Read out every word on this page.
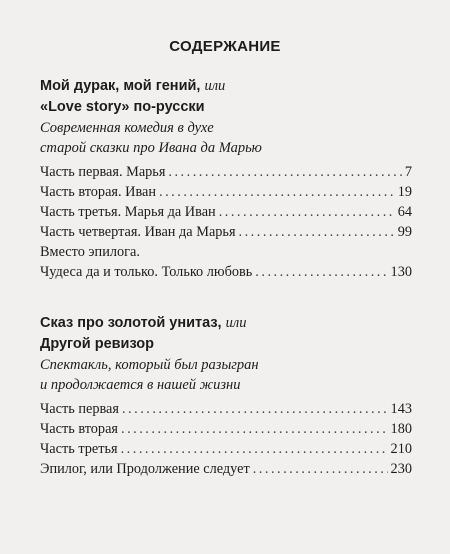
СОДЕРЖАНИЕ
Мой дурак, мой гений, или
«Love story» по-русски
Современная комедия в духе
старой сказки про Ивана да Марью
Часть первая. Марья .....	7
Часть вторая. Иван .....	19
Часть третья. Марья да Иван .....	64
Часть четвертая. Иван да Марья .....	99
Вместо эпилога.
Чудеса да и только. Только любовь .....	130
Сказ про золотой унитаз, или
Другой ревизор
Спектакль, который был разыгран
и продолжается в нашей жизни
Часть первая .....	143
Часть вторая .....	180
Часть третья .....	210
Эпилог, или Продолжение следует .....	230
